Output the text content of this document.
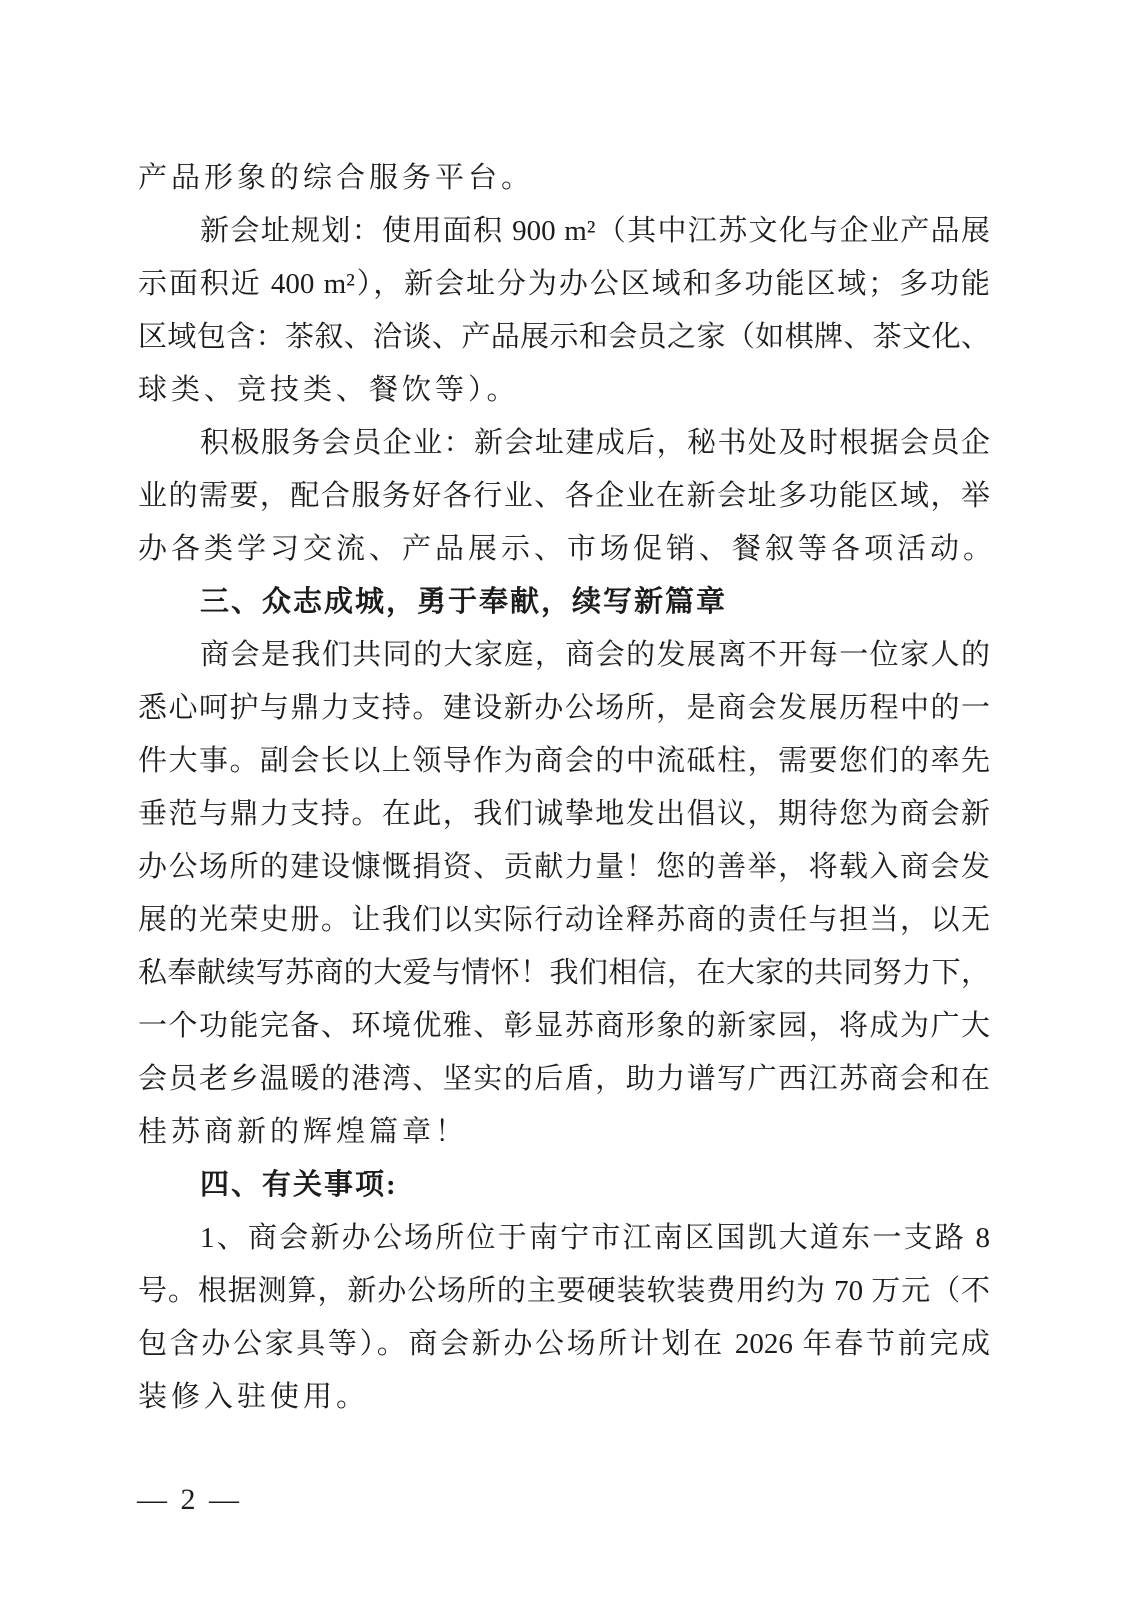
产品形象的综合服务平台。
新会址规划：使用面积 900 m²（其中江苏文化与企业产品展
示面积近 400 m²），新会址分为办公区域和多功能区域；多功能
区域包含：茶叙、洽谈、产品展示和会员之家（如棋牌、茶文化、
球类、竞技类、餐饮等）。
积极服务会员企业：新会址建成后，秘书处及时根据会员企
业的需要，配合服务好各行业、各企业在新会址多功能区域，举
办各类学习交流、产品展示、市场促销、餐叙等各项活动。
三、众志成城，勇于奉献，续写新篇章
商会是我们共同的大家庭，商会的发展离不开每一位家人的
悉心呵护与鼎力支持。建设新办公场所，是商会发展历程中的一
件大事。副会长以上领导作为商会的中流砥柱，需要您们的率先
垂范与鼎力支持。在此，我们诚挚地发出倡议，期待您为商会新
办公场所的建设慷慨捐资、贡献力量！您的善举，将载入商会发
展的光荣史册。让我们以实际行动诠释苏商的责任与担当，以无
私奉献续写苏商的大爱与情怀！我们相信，在大家的共同努力下，
一个功能完备、环境优雅、彰显苏商形象的新家园，将成为广大
会员老乡温暖的港湾、坚实的后盾，助力谱写广西江苏商会和在
桂苏商新的辉煌篇章！
四、有关事项:
1、商会新办公场所位于南宁市江南区国凯大道东一支路 8
号。根据测算，新办公场所的主要硬装软装费用约为 70 万元（不
包含办公家具等）。商会新办公场所计划在 2026 年春节前完成
装修入驻使用。
— 2 —
